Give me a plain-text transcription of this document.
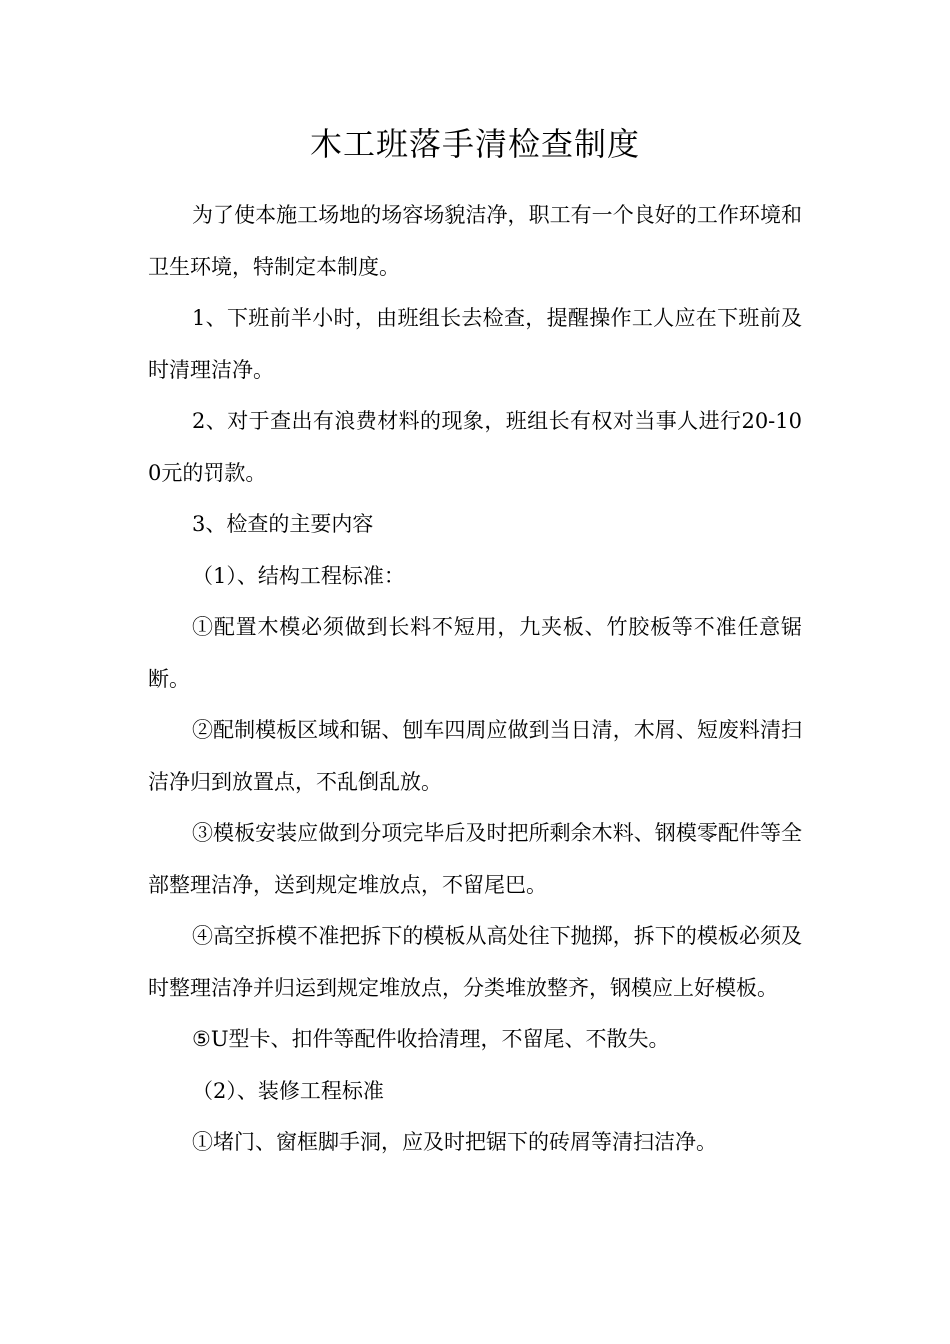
木工班落手清检查制度

为了使本施工场地的场容场貌洁净，职工有一个良好的工作环境和卫生环境，特制定本制度。

1、下班前半小时，由班组长去检查，提醒操作工人应在下班前及时清理洁净。

2、对于查出有浪费材料的现象，班组长有权对当事人进行20-100元的罚款。

3、检查的主要内容

（1）、结构工程标准：

①配置木模必须做到长料不短用，九夹板、竹胶板等不准任意锯断。

②配制模板区域和锯、刨车四周应做到当日清，木屑、短废料清扫洁净归到放置点，不乱倒乱放。

③模板安装应做到分项完毕后及时把所剩余木料、钢模零配件等全部整理洁净，送到规定堆放点，不留尾巴。

④高空拆模不准把拆下的模板从高处往下抛掷，拆下的模板必须及时整理洁净并归运到规定堆放点，分类堆放整齐，钢模应上好模板。

⑤U型卡、扣件等配件收拾清理，不留尾、不散失。

（2）、装修工程标准

①堵门、窗框脚手洞，应及时把锯下的砖屑等清扫洁净。
